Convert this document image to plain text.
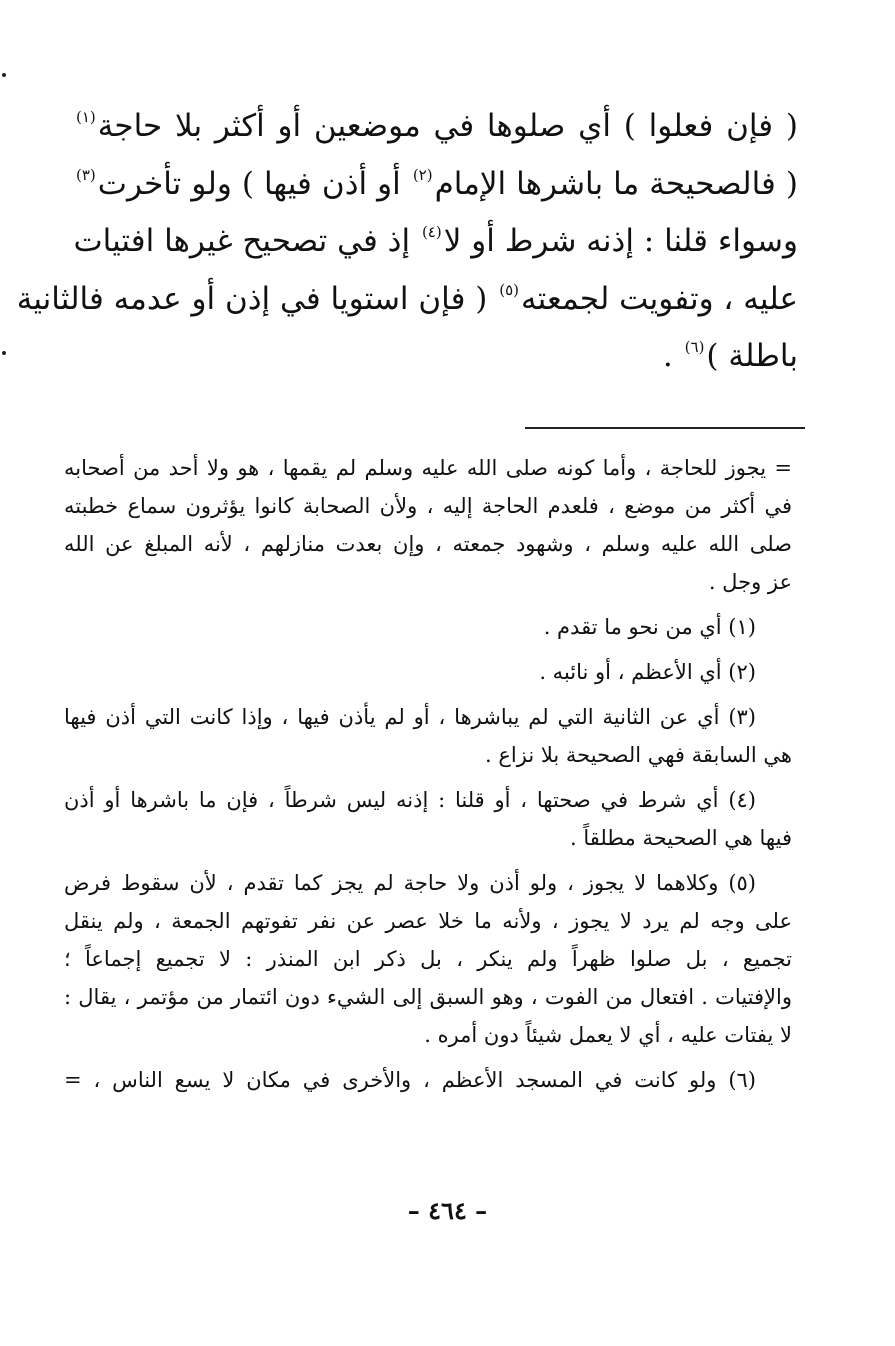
( فإن فعلوا ) أي صلوها في موضعين أو أكثر بلا حاجة$^{(١)}$
( فالصحيحة ما باشرها الإمام$^{(٢)}$ أو أذن فيها ) ولو تأخرت$^{(٣)}$
وسواء قلنا : إذنه شرط أو لا$^{(٤)}$ إذ في تصحيح غيرها افتيات
عليه ، وتفويت لجمعته$^{(٥)}$ ( فإن استويا في إذن أو عدمه فالثانية
باطلة )$^{(٦)}$ .

= يجوز للحاجة ، وأما كونه صلى الله عليه وسلم لم يقمها ، هو ولا أحد من أصحابه
في أكثر من موضع ، فلعدم الحاجة إليه ، ولأن الصحابة كانوا يؤثرون سماع خطبته
صلى الله عليه وسلم ، وشهود جمعته ، وإن بعدت منازلهم ، لأنه المبلغ عن الله
عز وجل .

(١) أي من نحو ما تقدم .

(٢) أي الأعظم ، أو نائبه .

(٣) أي عن الثانية التي لم يباشرها ، أو لم يأذن فيها ، وإذا كانت التي أذن فيها
هي السابقة فهي الصحيحة بلا نزاع .

(٤) أي شرط في صحتها ، أو قلنا : إذنه ليس شرطاً ، فإن ما باشرها أو أذن
فيها هي الصحيحة مطلقاً .

(٥) وكلاهما لا يجوز ، ولو أذن ولا حاجة لم يجز كما تقدم ، لأن سقوط فرض
على وجه لم يرد لا يجوز ، ولأنه ما خلا عصر عن نفر تفوتهم الجمعة ، ولم ينقل
تجميع ، بل صلوا ظهراً ولم ينكر ، بل ذكر ابن المنذر : لا تجميع إجماعاً ؛
والإفتيات . افتعال من الفوت ، وهو السبق إلى الشيء دون ائتمار من مؤتمر ، يقال :
لا يفتات عليه ، أي لا يعمل شيئاً دون أمره .

(٦) ولو كانت في المسجد الأعظم ، والأخرى في مكان لا يسع الناس ، =

– ٤٦٤ –
